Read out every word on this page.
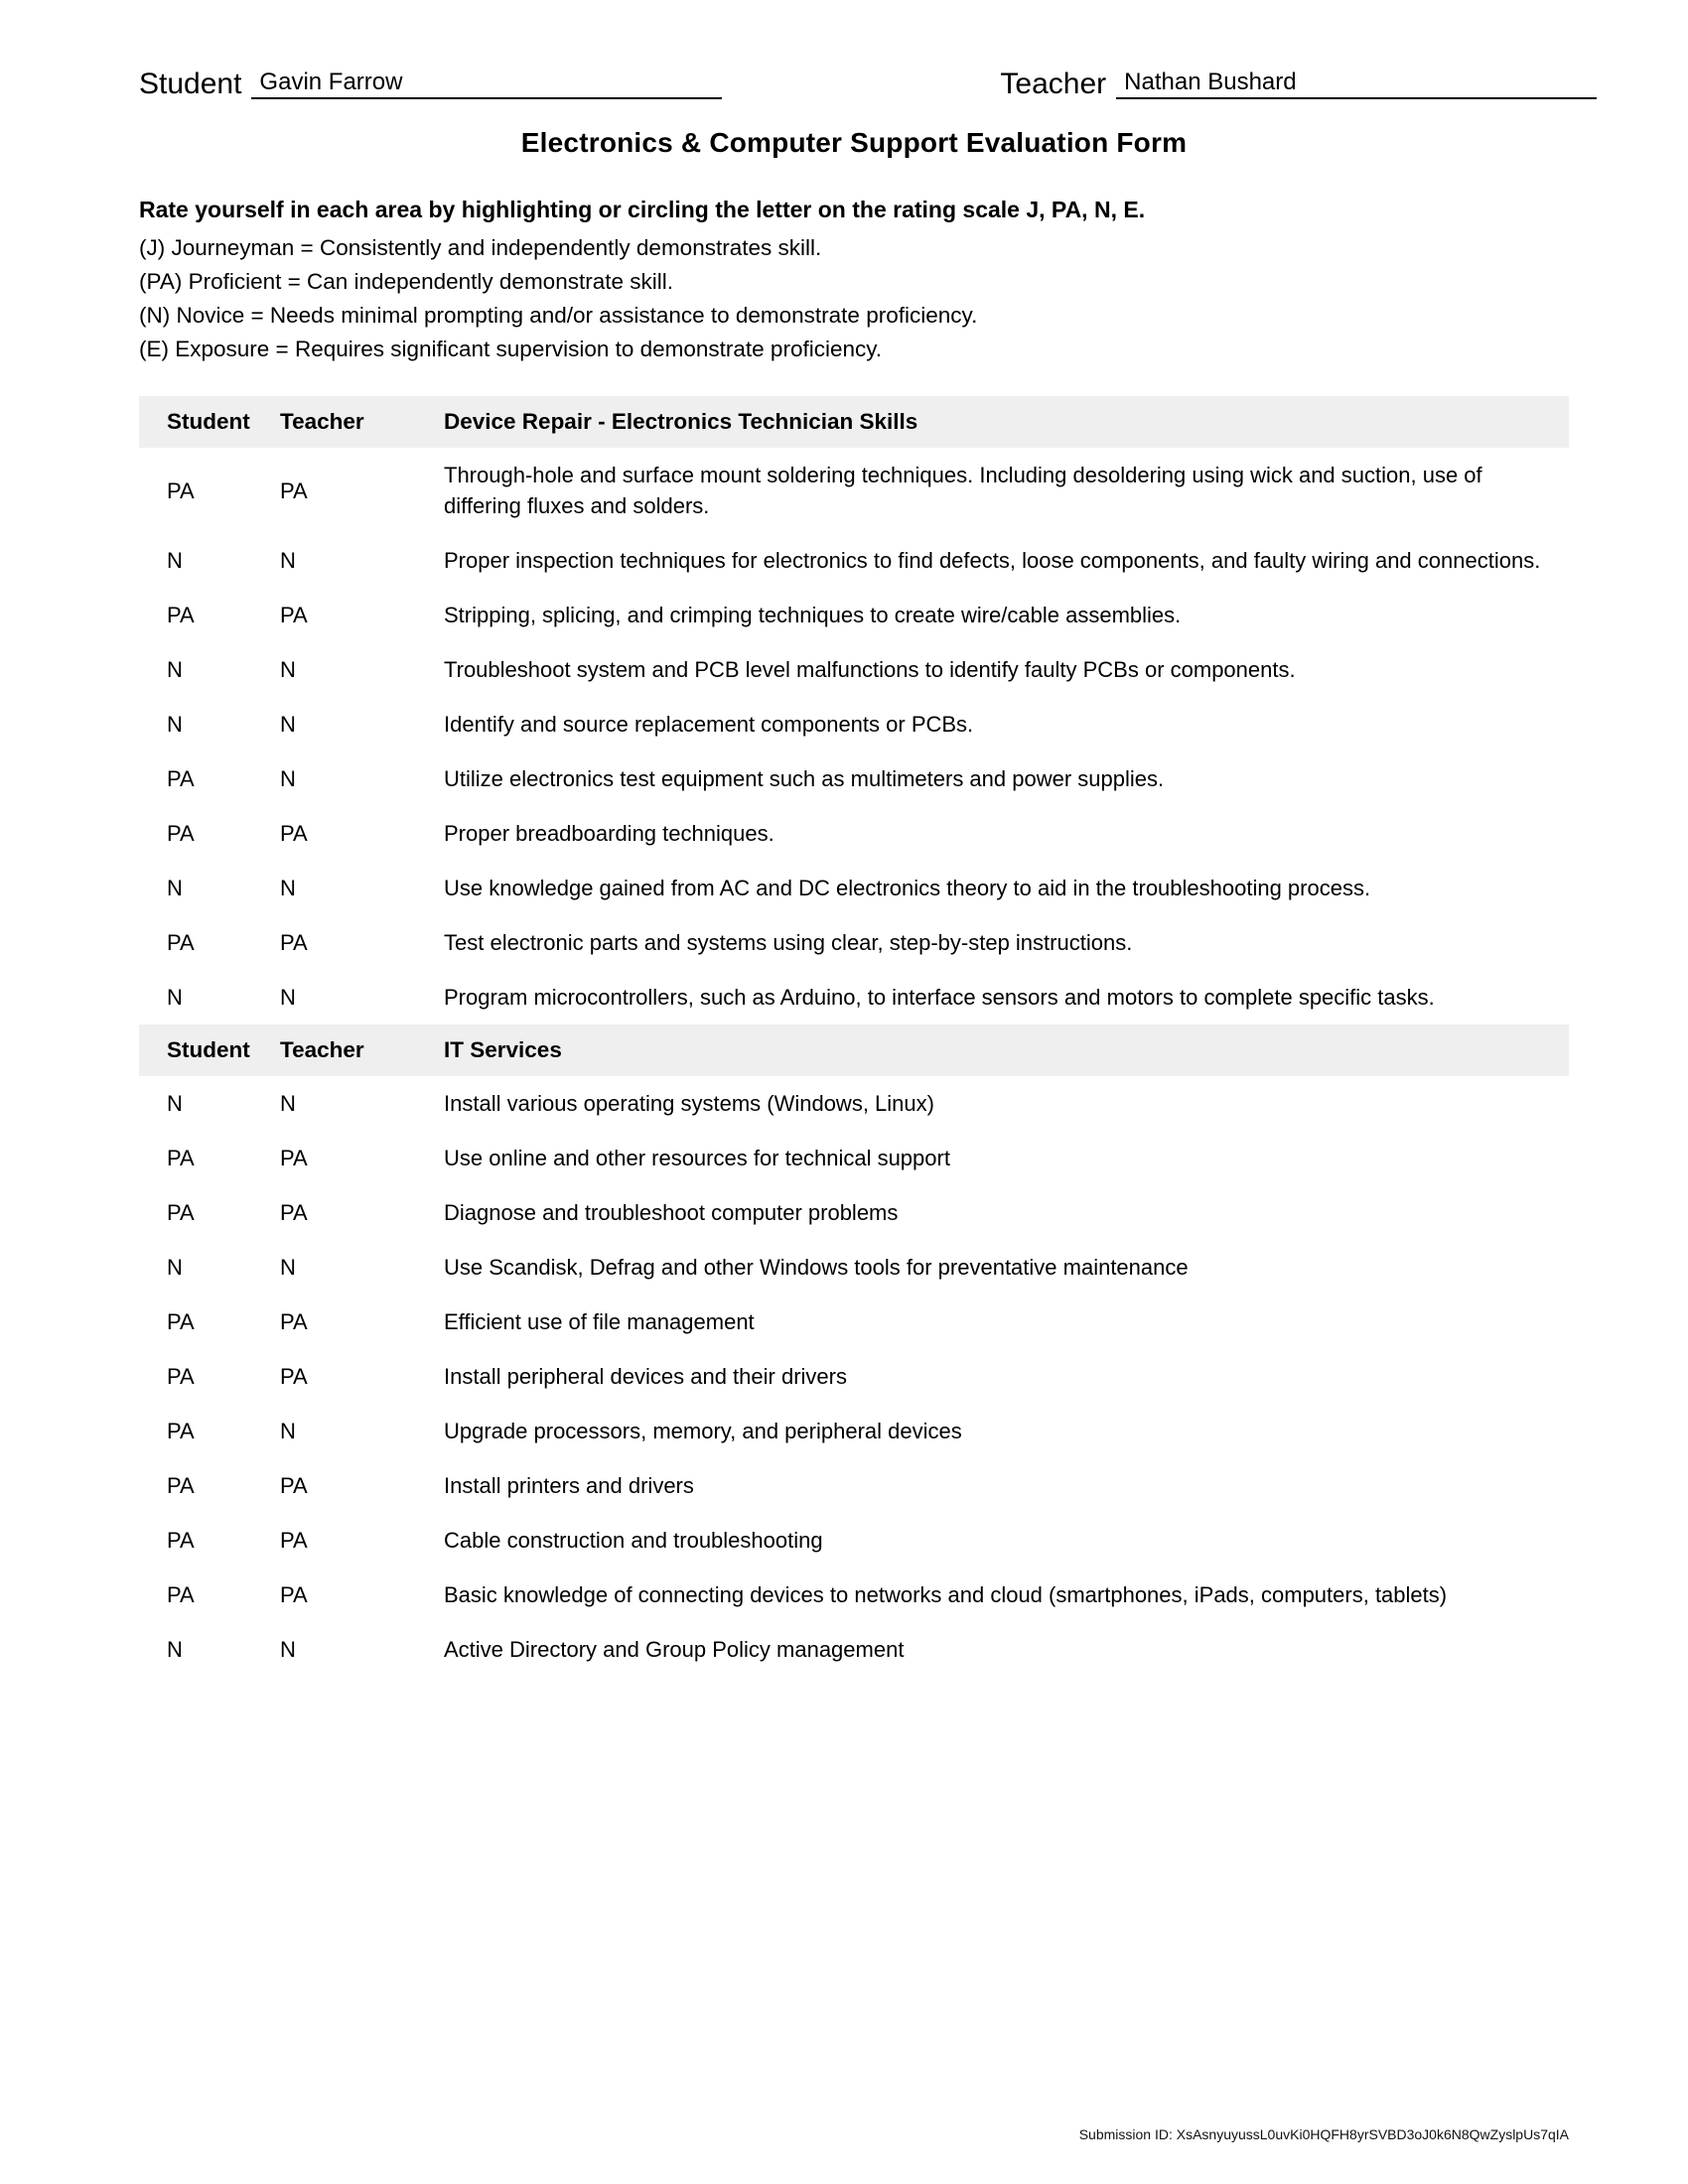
Student Gavin Farrow	Teacher Nathan Bushard
Electronics & Computer Support Evaluation Form
Rate yourself in each area by highlighting or circling the letter on the rating scale J, PA, N, E.
(J) Journeyman = Consistently and independently demonstrates skill.
(PA) Proficient = Can independently demonstrate skill.
(N) Novice = Needs minimal prompting and/or assistance to demonstrate proficiency.
(E) Exposure = Requires significant supervision to demonstrate proficiency.
Student	Teacher	Device Repair - Electronics Technician Skills
PA	PA	Through-hole and surface mount soldering techniques. Including desoldering using wick and suction, use of differing fluxes and solders.
N	N	Proper inspection techniques for electronics to find defects, loose components, and faulty wiring and connections.
PA	PA	Stripping, splicing, and crimping techniques to create wire/cable assemblies.
N	N	Troubleshoot system and PCB level malfunctions to identify faulty PCBs or components.
N	N	Identify and source replacement components or PCBs.
PA	N	Utilize electronics test equipment such as multimeters and power supplies.
PA	PA	Proper breadboarding techniques.
N	N	Use knowledge gained from AC and DC electronics theory to aid in the troubleshooting process.
PA	PA	Test electronic parts and systems using clear, step-by-step instructions.
N	N	Program microcontrollers, such as Arduino, to interface sensors and motors to complete specific tasks.
Student	Teacher	IT Services
N	N	Install various operating systems (Windows, Linux)
PA	PA	Use online and other resources for technical support
PA	PA	Diagnose and troubleshoot computer problems
N	N	Use Scandisk, Defrag and other Windows tools for preventative maintenance
PA	PA	Efficient use of file management
PA	PA	Install peripheral devices and their drivers
PA	N	Upgrade processors, memory, and peripheral devices
PA	PA	Install printers and drivers
PA	PA	Cable construction and troubleshooting
PA	PA	Basic knowledge of connecting devices to networks and cloud (smartphones, iPads, computers, tablets)
N	N	Active Directory and Group Policy management
Submission ID: XsAsnyuyussL0uvKi0HQFH8yrSVBD3oJ0k6N8QwZyslpUs7qIA
